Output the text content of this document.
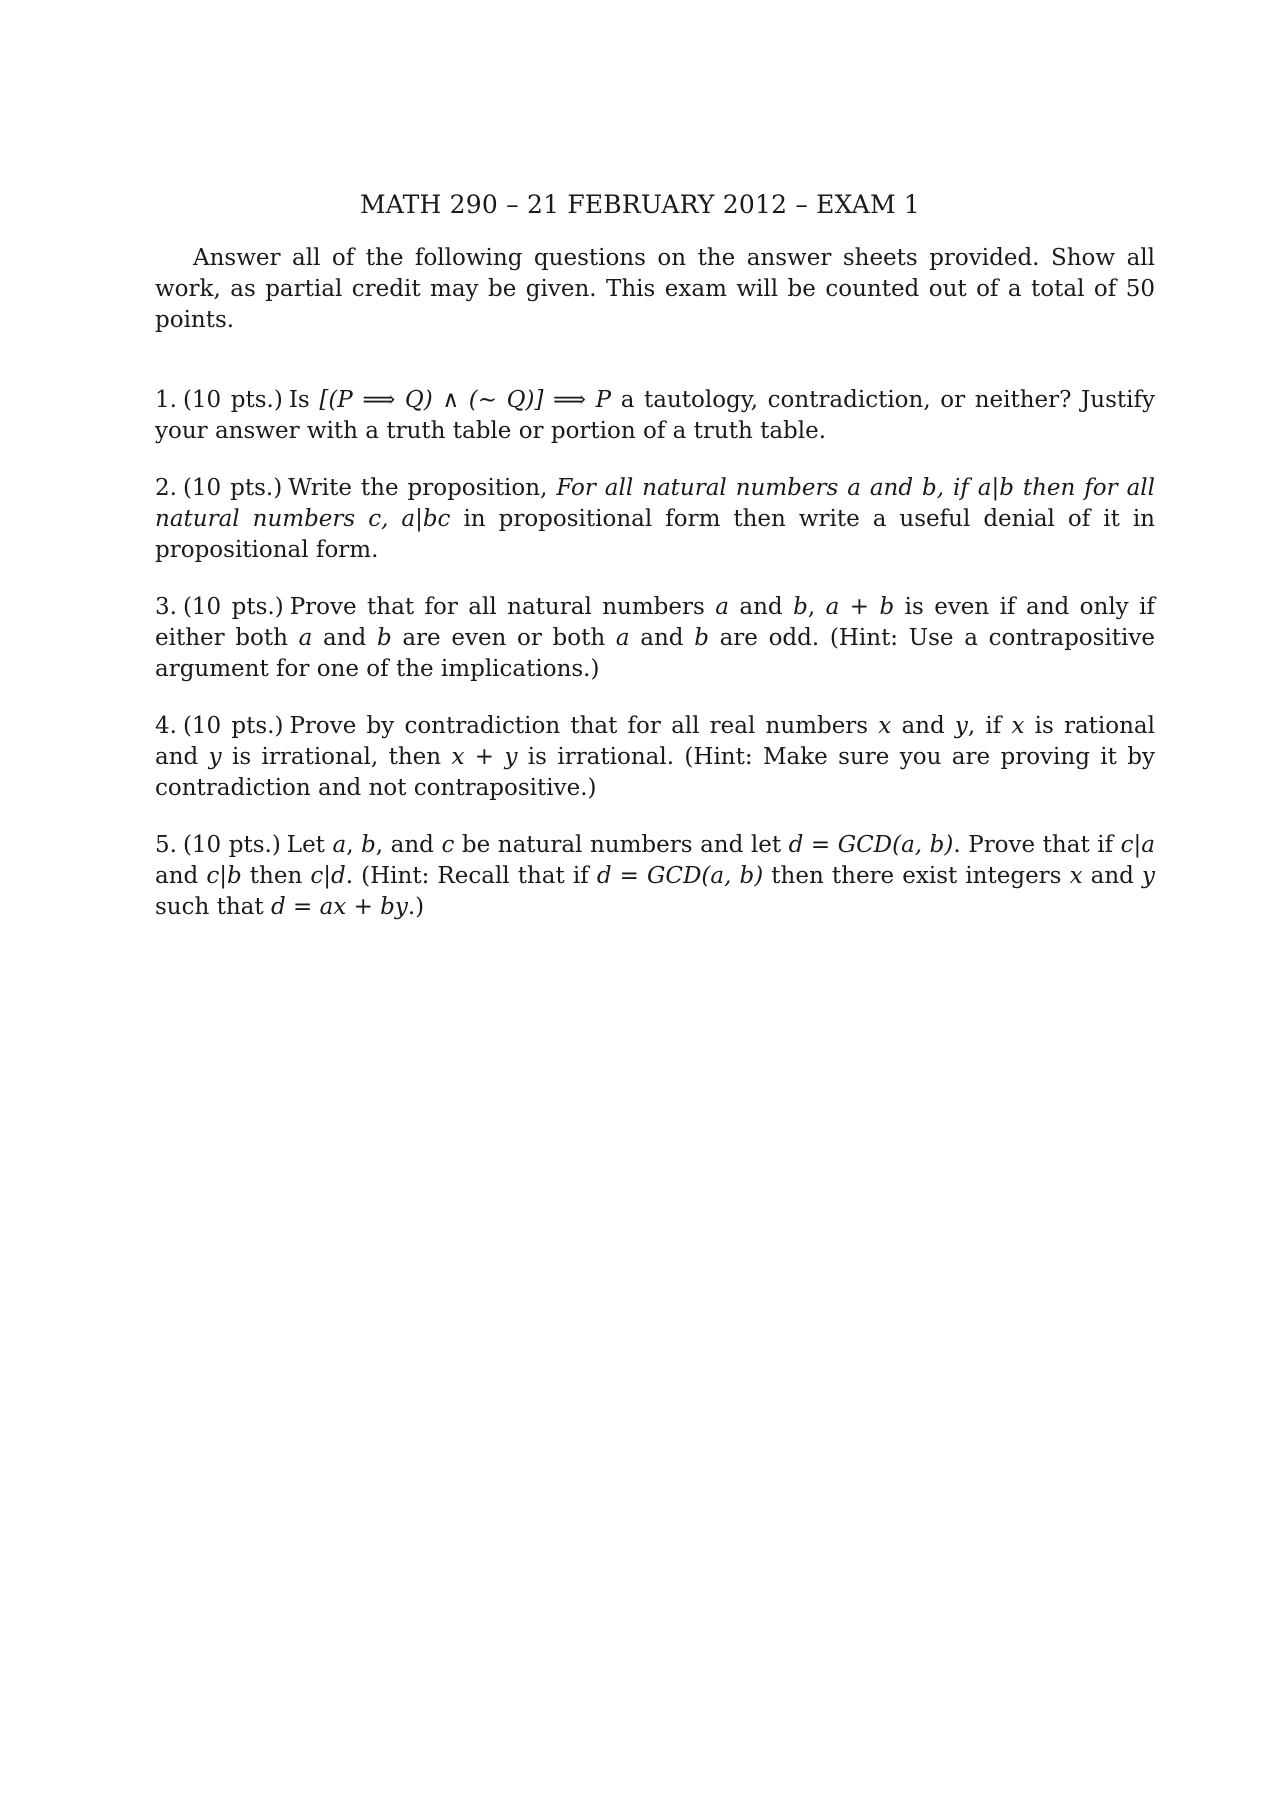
MATH 290 – 21 FEBRUARY 2012 – EXAM 1

Answer all of the following questions on the answer sheets provided. Show all work, as partial credit may be given. This exam will be counted out of a total of 50 points.

1. (10 pts.) Is [(P ⟹ Q) ∧ (∼ Q)] ⟹ P a tautology, contradiction, or neither? Justify your answer with a truth table or portion of a truth table.

2. (10 pts.) Write the proposition, For all natural numbers a and b, if a|b then for all natural numbers c, a|bc in propositional form then write a useful denial of it in propositional form.

3. (10 pts.) Prove that for all natural numbers a and b, a + b is even if and only if either both a and b are even or both a and b are odd. (Hint: Use a contrapositive argument for one of the implications.)

4. (10 pts.) Prove by contradiction that for all real numbers x and y, if x is rational and y is irrational, then x + y is irrational. (Hint: Make sure you are proving it by contradiction and not contrapositive.)

5. (10 pts.) Let a, b, and c be natural numbers and let d = GCD(a, b). Prove that if c|a and c|b then c|d. (Hint: Recall that if d = GCD(a, b) then there exist integers x and y such that d = ax + by.)
